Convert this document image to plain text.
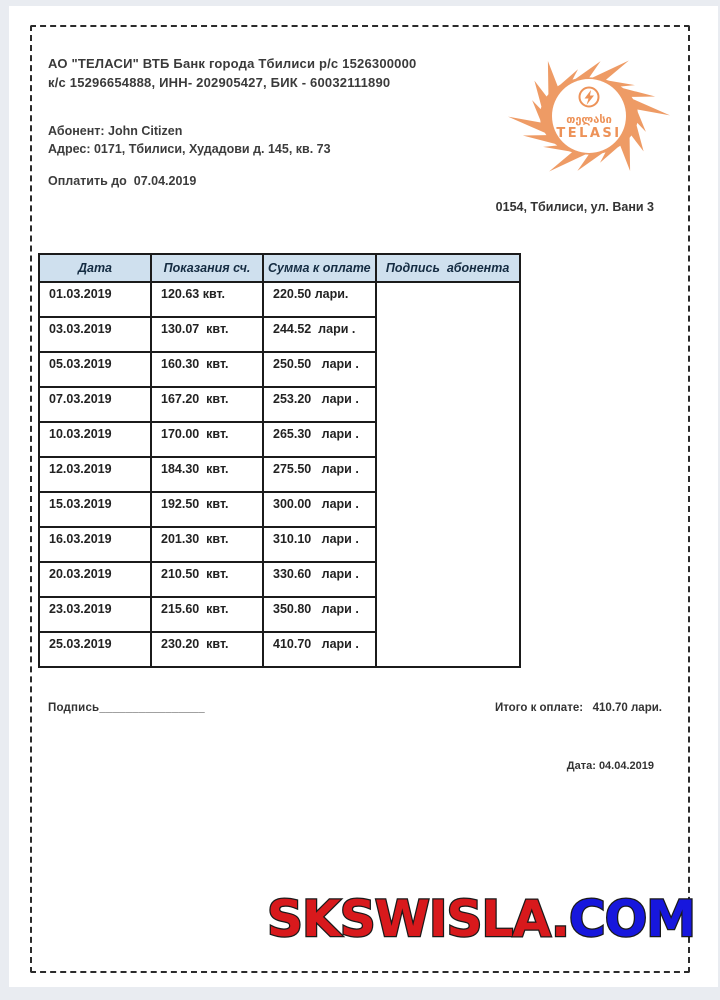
АО "ТЕЛАСИ" ВТБ Банк города Тбилиси р/с 1526300000
к/с 15296654888, ИНН- 202905427, БИК - 60032111890
თელასი
TELASI
Абонент: John Citizen
Адрес: 0171, Тбилиси, Худадови д. 145, кв. 73
Оплатить до  07.04.2019
0154, Тбилиси, ул. Вани 3
Дата	Показания сч.	Сумма к оплате	Подпись  абонента
01.03.2019	120.63 квт.	220.50 лари.	
03.03.2019	130.07  квт.	244.52  лари .	
05.03.2019	160.30  квт.	250.50   лари .	
07.03.2019	167.20  квт.	253.20   лари .	
10.03.2019	170.00  квт.	265.30   лари .	
12.03.2019	184.30  квт.	275.50   лари .	
15.03.2019	192.50  квт.	300.00   лари .	
16.03.2019	201.30  квт.	310.10   лари .	
20.03.2019	210.50  квт.	330.60   лари .	
23.03.2019	215.60  квт.	350.80   лари .	
25.03.2019	230.20  квт.	410.70   лари .	
Подпись________________	Итого к оплате:   410.70 лари.
Дата: 04.04.2019
SKSWISLA.COM
